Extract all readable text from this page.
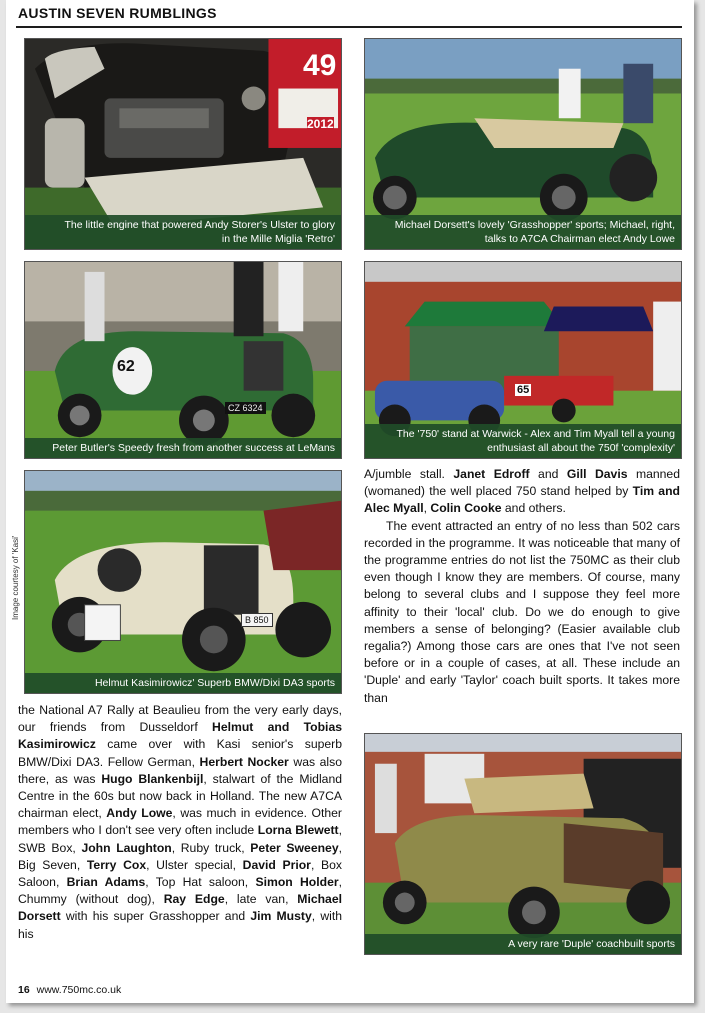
AUSTIN SEVEN RUMBLINGS
49
2012
The little engine that powered Andy Storer's Ulster to glory
in the Mille Miglia 'Retro'
Michael Dorsett's lovely 'Grasshopper' sports; Michael, right,
talks to A7CA Chairman elect Andy Lowe
62
CZ 6324
Peter Butler's Speedy fresh from another success at LeMans
65
The '750' stand at Warwick - Alex and Tim Myall tell a young
enthusiast all about the 750f 'complexity'
Image courtesy of 'Kasi'	B 850
Helmut Kasimirowicz' Superb BMW/Dixi DA3 sports

A/jumble stall. Janet Edroff and Gill Davis manned (womaned) the well placed 750 stand helped by Tim and Alec Myall, Colin Cooke and others.

The event attracted an entry of no less than 502 cars recorded in the programme. It was noticeable that many of the programme entries do not list the 750MC as their club even though I know they are members. Of course, many belong to several clubs and I suppose they feel more affinity to their 'local' club. Do we do enough to give members a sense of belonging? (Easier available club regalia?) Among those cars are ones that I've not seen before or in a couple of cases, at all. These include an 'Duple' and early 'Taylor' coach built sports. It takes more than

the National A7 Rally at Beaulieu from the very early days, our friends from Dusseldorf Helmut and Tobias Kasimirowicz came over with Kasi senior's superb BMW/Dixi DA3. Fellow German, Herbert Nocker was also there, as was Hugo Blankenbijl, stalwart of the Midland Centre in the 60s but now back in Holland. The new A7CA chairman elect, Andy Lowe, was much in evidence. Other members who I don't see very often include Lorna Blewett, SWB Box, John Laughton, Ruby truck, Peter Sweeney, Big Seven, Terry Cox, Ulster special, David Prior, Box Saloon, Brian Adams, Top Hat saloon, Simon Holder, Chummy (without dog), Ray Edge, late van, Michael Dorsett with his super Grasshopper and Jim Musty, with his

A very rare 'Duple' coachbuilt sports
16 www.750mc.co.uk
